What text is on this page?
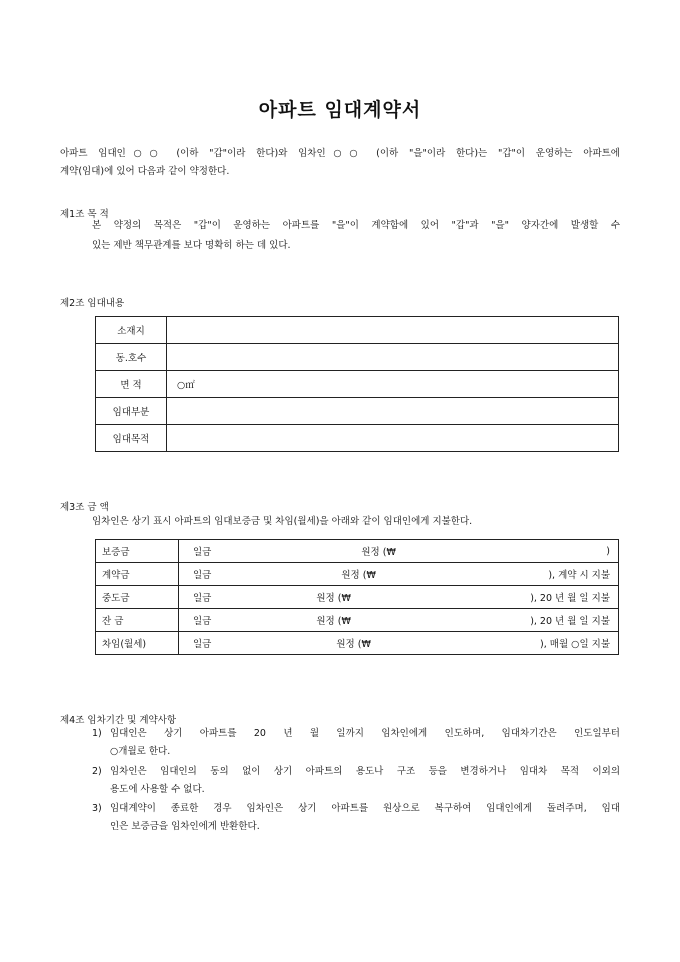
아파트 임대계약서
아파트 임대인○○ (이하 "갑"이라 한다)와 임차인○○ (이하 "을"이라 한다)는 "갑"이 운영하는 아파트에
계약(임대)에 있어 다음과 같이 약정한다.
제1조 목 적
본 약정의 목적은 "갑"이 운영하는 아파트를 "을"이 계약함에 있어 "갑"과 "을" 양자간에 발생할 수
있는 제반 책무관계를 보다 명확히 하는 데 있다.
제2조 임대내용
소재지	
동.호수	
면 적	○㎡
임대부분	
임대목적	
제3조 금 액
임차인은 상기 표시 아파트의 임대보증금 및 차임(월세)을 아래와 같이 임대인에게 지불한다.
보증금	일금 원정 (₩ )

계약금	일금 원정 (₩ ), 계약 시 지불

중도금	일금 원정 (₩ ), 20 년 월 일 지불

잔 금	일금 원정 (₩ ), 20 년 월 일 지불

차임(월세)	일금 원정 (₩ ), 매월 ○일 지불
제4조 임차기간 및 계약사항
1) 임대인은 상기 아파트를 20 년 월 일까지 임차인에게 인도하며, 임대차기간은 인도일부터
○개월로 한다.
2) 임차인은 임대인의 동의 없이 상기 아파트의 용도나 구조 등을 변경하거나 임대차 목적 이외의
용도에 사용할 수 없다.
3) 임대계약이 종료한 경우 임차인은 상기 아파트를 원상으로 복구하여 임대인에게 돌려주며, 임대
인은 보증금을 임차인에게 반환한다.
